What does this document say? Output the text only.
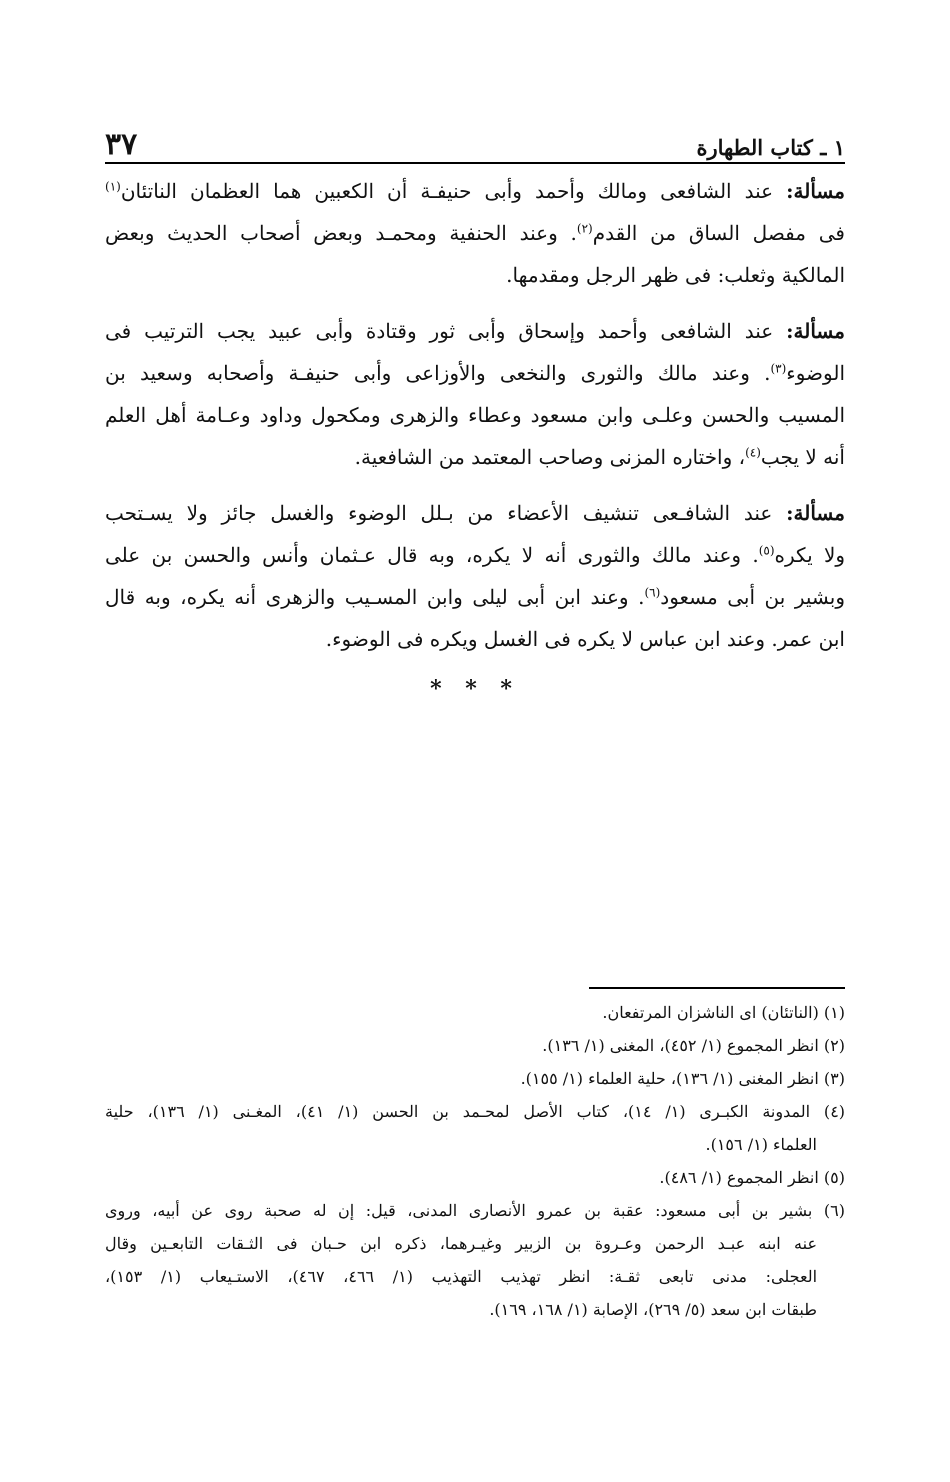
١ ـ كتاب الطهارة
٣٧
مسألة: عند الشافعى ومالك وأحمد وأبى حنيفـة أن الكعبين هما العظمان الناتئان$^{(١)}$
فى مفصل الساق من القدم$^{(٢)}$. وعند الحنفية ومحمـد وبعض أصحاب الحديث وبعض
المالكية وثعلب: فى ظهر الرجل ومقدمها.
مسألة: عند الشافعى وأحمد وإسحاق وأبى ثور وقتادة وأبى عبيد يجب الترتيب فى
الوضوء$^{(٣)}$. وعند مالك والثورى والنخعى والأوزاعى وأبى حنيفـة وأصحابه وسعيد بن
المسيب والحسن وعلـى وابن مسعود وعطاء والزهرى ومكحول وداود وعـامة أهل العلم
أنه لا يجب$^{(٤)}$، واختاره المزنى وصاحب المعتمد من الشافعية.
مسألة: عند الشافـعى تنشيف الأعضاء من بـلل الوضوء والغسل جائز ولا يسـتحب
ولا يكره$^{(٥)}$. وعند مالك والثورى أنه لا يكره، وبه قال عـثمان وأنس والحسن بن على
وبشير بن أبى مسعود$^{(٦)}$. وعند ابن أبى ليلى وابن المسـيب والزهرى أنه يكره، وبه قال
ابن عمر. وعند ابن عباس لا يكره فى الغسل ويكره فى الوضوء.
* * *
(١) (الناتئان) اى الناشزان المرتفعان.
(٢) انظر المجموع (١/ ٤٥٢)، المغنى (١/ ١٣٦).
(٣) انظر المغنى (١/ ١٣٦)، حلية العلماء (١/ ١٥٥).
(٤) المدونة الكبـرى (١/ ١٤)، كتاب الأصل لمحـمد بن الحسن (١/ ٤١)، المغـنى (١/ ١٣٦)، حلية
العلماء (١/ ١٥٦).
(٥) انظر المجموع (١/ ٤٨٦).
(٦) بشير بن أبى مسعود: عقبة بن عمرو الأنصارى المدنى، قيل: إن له صحبة روى عن أبيه، وروى
عنه ابنه عبـد الرحمن وعـروة بن الزبير وغيـرهما، ذكره ابن حـبان فى الثـقات التابعـين وقال
العجلى: مدنى تابعى ثقـة: انظر تهذيب التهذيب (١/ ٤٦٦، ٤٦٧)، الاستـيعاب (١/ ١٥٣)،
طبقات ابن سعد (٥/ ٢٦٩)، الإصابة (١/ ١٦٨، ١٦٩).
